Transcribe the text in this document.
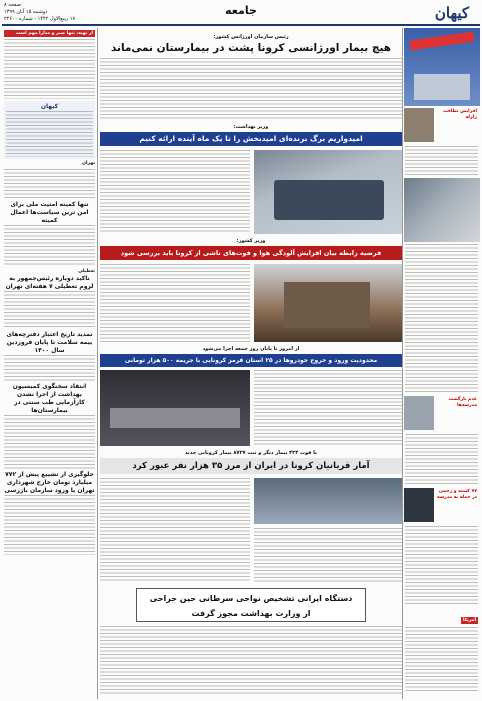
کیهان
جامعه
صفحه ۸
دوشنبه ۱۵ آبان ۱۳۹۹
۱۷ ربیع‌الاول ۱۴۴۲ - شماره ۲۲۶۰۰
افزایش نظافت زلزله
عدم بازگشت مدرسه‌ها
۷۷ کشته و زخمی در حمله به مدرسه
آمریکا
از تهیه، تنها صبر و مدارا مهم است
کیهان
تهران
تنها کمیته امنیت ملی برای امن ترین سیاست‌ها اعمال کمیته
تعطیلی
ناکید دوباره رئیس‌جمهور به لزوم تعطیلی ۷ هفته‌ای تهران
تمدید تاریخ اعتبار دفترچه‌های بیمه سلامت تا پایان فروردین‌ سال ۱۴۰۰
انتقاد سخنگوی کمیسیون بهداشت از اجرا نشدن کارآزمایی طب سنتی در بیمارستان‌ها
جلوگیری از تشییع پیش از ۷۷۲ میلیارد تومان خارج شهرداری تهران با ورود سازمان بازرسی
رئیس سازمان اورژانس کشور:
هیچ بیمار اورژانسی کرونا پشت در بیمارستان نمی‌ماند
وزیر بهداشت:
امیدواریم برگ برنده‌ای امیدبخش را تا یک ماه آینده ارائه کنیم
وزیر کشور:
فرضیه رابطه بیان افزایش آلودگی هوا و فوت‌های ناشی از کرونا باید بررسی شود
از امروز تا پایان روز جمعه اجرا می‌شود
محدودیت ورود و خروج خودروها در ۲۵ استان قرمز کرونایی با جریمه ۵۰۰ هزار تومانی
با فوت ۴۳۴ بیمار دیگر و ثبت ۸۷۳۷ بیمار کرونایی جدید
آمار قربانیان کرونا در ایران از مرز ۳۵ هزار نفر عبور کرد
دستگاه ایرانی تشخیص نواحی سرطانی حین جراحی
از وزارت بهداشت مجوز گرفت
